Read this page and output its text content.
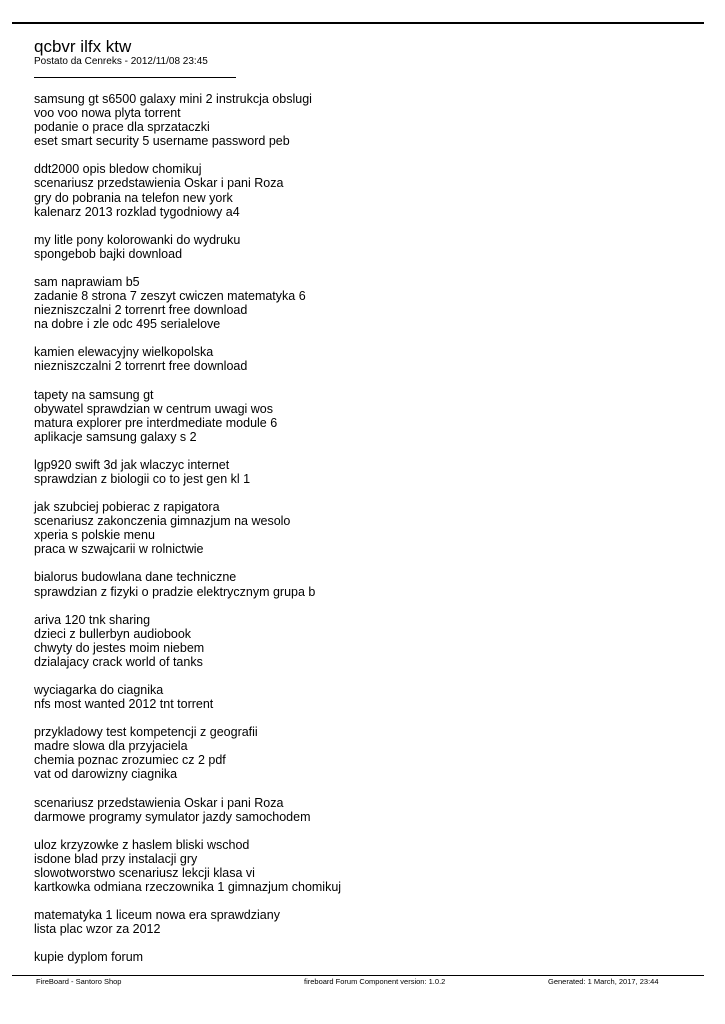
qcbvr ilfx ktw

Postato da Cenreks - 2012/11/08 23:45

samsung gt s6500 galaxy mini 2 instrukcja obslugi
voo voo nowa plyta torrent
podanie o prace dla sprzataczki
eset smart security 5 username password peb
ddt2000 opis bledow chomikuj
scenariusz przedstawienia Oskar i pani Roza
gry do pobrania na telefon new york
kalenarz 2013 rozklad tygodniowy a4
my litle pony kolorowanki do wydruku
spongebob bajki download
sam naprawiam b5
zadanie 8 strona 7 zeszyt cwiczen matematyka 6
niezniszczalni 2 torrenrt free download
na dobre i zle odc 495 serialelove
kamien elewacyjny wielkopolska
niezniszczalni 2 torrenrt free download
tapety na samsung gt
obywatel sprawdzian w centrum uwagi wos
matura explorer pre interdmediate module 6
aplikacje samsung galaxy s 2
lgp920 swift 3d jak wlaczyc internet
sprawdzian z biologii co to jest gen kl 1
jak szubciej pobierac z rapigatora
scenariusz zakonczenia gimnazjum na wesolo
xperia s polskie menu
praca w szwajcarii w rolnictwie
bialorus budowlana dane techniczne
sprawdzian z fizyki o pradzie elektrycznym grupa b
ariva 120 tnk sharing
dzieci z bullerbyn audiobook
chwyty do jestes moim niebem
dzialajacy crack world of tanks
wyciagarka do ciagnika
nfs most wanted 2012 tnt torrent
przykladowy test kompetencji z geografii
madre slowa dla przyjaciela
chemia poznac zrozumiec cz 2 pdf
vat od darowizny ciagnika
scenariusz przedstawienia Oskar i pani Roza
darmowe programy symulator jazdy samochodem
uloz krzyzowke z haslem bliski wschod
isdone blad przy instalacji gry
slowotworstwo scenariusz lekcji klasa vi
kartkowka odmiana rzeczownika 1 gimnazjum chomikuj
matematyka 1 liceum nowa era sprawdziany
lista plac wzor za 2012
kupie dyplom forum
FireBoard - Santoro Shop	fireboard Forum Component version: 1.0.2	Generated: 1 March, 2017, 23:44
